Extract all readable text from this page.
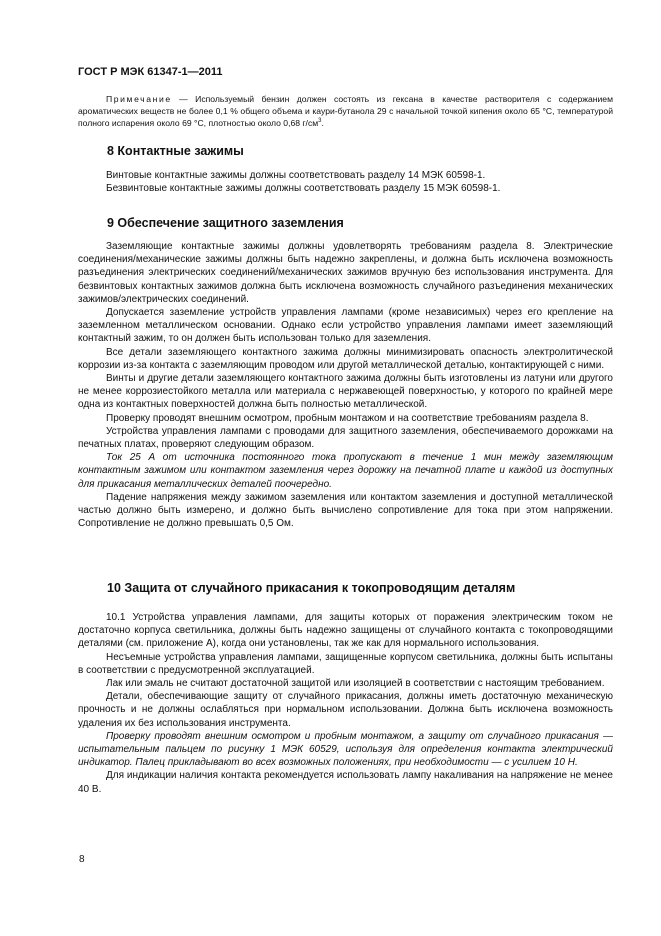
ГОСТ Р МЭК 61347-1—2011
Примечание — Используемый бензин должен состоять из гексана в качестве растворителя с содержанием ароматических веществ не более 0,1 % общего объема и каури-бутанола 29 с начальной точкой кипения около 65 °С, температурой полного испарения около 69 °С, плотностью около 0,68 $г/см^3$.
8 Контактные зажимы

Винтовые контактные зажимы должны соответствовать разделу 14 МЭК 60598-1.

Безвинтовые контактные зажимы должны соответствовать разделу 15 МЭК 60598-1.

9 Обеспечение защитного заземления

Заземляющие контактные зажимы должны удовлетворять требованиям раздела 8. Электрические соединения/механические зажимы должны быть надежно закреплены, и должна быть исключена возможность разъединения электрических соединений/механических зажимов вручную без использования инструмента. Для безвинтовых контактных зажимов должна быть исключена возможность случайного разъединения механических зажимов/электрических соединений.

Допускается заземление устройств управления лампами (кроме независимых) через его крепление на заземленном металлическом основании. Однако если устройство управления лампами имеет заземляющий контактный зажим, то он должен быть использован только для заземления.

Все детали заземляющего контактного зажима должны минимизировать опасность электролитической коррозии из-за контакта с заземляющим проводом или другой металлической деталью, контактирующей с ними.

Винты и другие детали заземляющего контактного зажима должны быть изготовлены из латуни или другого не менее коррозиестойкого металла или материала с нержавеющей поверхностью, у которого по крайней мере одна из контактных поверхностей должна быть полностью металлической.

Проверку проводят внешним осмотром, пробным монтажом и на соответствие требованиям раздела 8.

Устройства управления лампами с проводами для защитного заземления, обеспечиваемого дорожками на печатных платах, проверяют следующим образом.

Ток 25 А от источника постоянного тока пропускают в течение 1 мин между заземляющим контактным зажимом или контактом заземления через дорожку на печатной плате и каждой из доступных для прикасания металлических деталей поочередно.

Падение напряжения между зажимом заземления или контактом заземления и доступной металлической частью должно быть измерено, и должно быть вычислено сопротивление для тока при этом напряжении. Сопротивление не должно превышать 0,5 Ом.

10 Защита от случайного прикасания к токопроводящим деталям

10.1 Устройства управления лампами, для защиты которых от поражения электрическим током не достаточно корпуса светильника, должны быть надежно защищены от случайного контакта с токопроводящими деталями (см. приложение А), когда они установлены, так же как для нормального использования.

Несъемные устройства управления лампами, защищенные корпусом светильника, должны быть испытаны в соответствии с предусмотренной эксплуатацией.

Лак или эмаль не считают достаточной защитой или изоляцией в соответствии с настоящим требованием.

Детали, обеспечивающие защиту от случайного прикасания, должны иметь достаточную механическую прочность и не должны ослабляться при нормальном использовании. Должна быть исключена возможность удаления их без использования инструмента.

Проверку проводят внешним осмотром и пробным монтажом, а защиту от случайного прикасания — испытательным пальцем по рисунку 1 МЭК 60529, используя для определения контакта электрический индикатор. Палец прикладывают во всех возможных положениях, при необходимости — с усилием 10 Н.

Для индикации наличия контакта рекомендуется использовать лампу накаливания на напряжение не менее 40 В.

8
